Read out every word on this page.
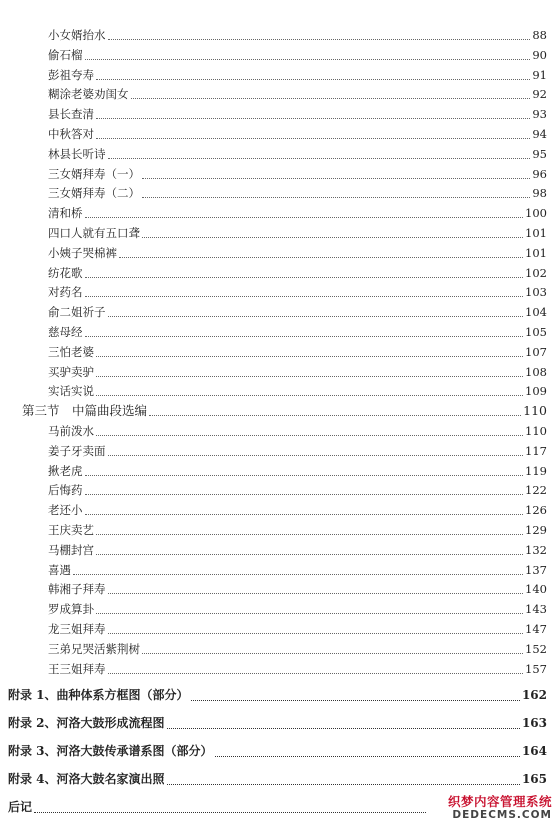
小女婿抬水	88
偷石榴	90
彭祖夸寿	91
糊涂老婆劝闺女	92
县长查清	93
中秋答对	94
林县长听诗	95
三女婿拜寿（一）	96
三女婿拜寿（二）	98
清和桥	100
四口人就有五口聋	101
小姨子哭棉裤	101
纺花歌	102
对药名	103
俞二姐祈子	104
慈母经	105
三怕老婆	107
买驴卖驴	108
实话实说	109
第三节　中篇曲段选编	110
马前泼水	110
姜子牙卖面	117
揪老虎	119
后悔药	122
老还小	126
王庆卖艺	129
马棚封宫	132
喜遇	137
韩湘子拜寿	140
罗成算卦	143
龙三姐拜寿	147
三弟兄哭活紫荆树	152
王三姐拜寿	157
附录 1、曲种体系方框图（部分）	162
附录 2、河洛大鼓形成流程图	163
附录 3、河洛大鼓传承谱系图（部分）	164
附录 4、河洛大鼓名家演出照	165
后记	织梦内容管理系统
DEDECMS.COM
